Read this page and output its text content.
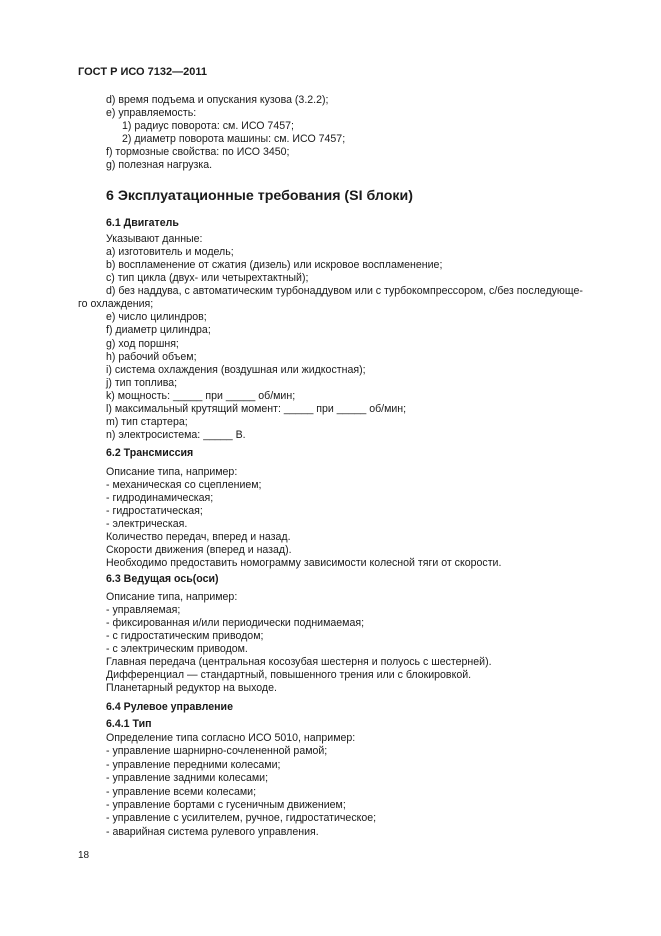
ГОСТ Р ИСО 7132—2011
d) время подъема и опускания кузова (3.2.2);
e) управляемость:
1) радиус поворота: см. ИСО 7457;
2) диаметр поворота машины: см. ИСО 7457;
f) тормозные свойства: по ИСО 3450;
g) полезная нагрузка.
6 Эксплуатационные требования (SI блоки)
6.1 Двигатель
Указывают данные:
a) изготовитель и модель;
b) воспламенение от сжатия (дизель) или искровое воспламенение;
c) тип цикла (двух- или четырехтактный);
d) без наддува, с автоматическим турбонаддувом или с турбокомпрессором, с/без последующе-
го охлаждения;
e) число цилиндров;
f) диаметр цилиндра;
g) ход поршня;
h) рабочий объем;
i) система охлаждения (воздушная или жидкостная);
j) тип топлива;
k) мощность: _____ при _____ об/мин;
l) максимальный крутящий момент: _____ при _____ об/мин;
m) тип стартера;
n) электросистема: _____ В.
6.2 Трансмиссия
Описание типа, например:
- механическая со сцеплением;
- гидродинамическая;
- гидростатическая;
- электрическая.
Количество передач, вперед и назад.
Скорости движения (вперед и назад).
Необходимо предоставить номограмму зависимости колесной тяги от скорости.
6.3 Ведущая ось(оси)
Описание типа, например:
- управляемая;
- фиксированная и/или периодически поднимаемая;
- с гидростатическим приводом;
- с электрическим приводом.
Главная передача (центральная косозубая шестерня и полуось с шестерней).
Дифференциал — стандартный, повышенного трения или с блокировкой.
Планетарный редуктор на выходе.
6.4 Рулевое управление
6.4.1 Тип
Определение типа согласно ИСО 5010, например:
- управление шарнирно-сочлененной рамой;
- управление передними колесами;
- управление задними колесами;
- управление всеми колесами;
- управление бортами с гусеничным движением;
- управление с усилителем, ручное, гидростатическое;
- аварийная система рулевого управления.
18
